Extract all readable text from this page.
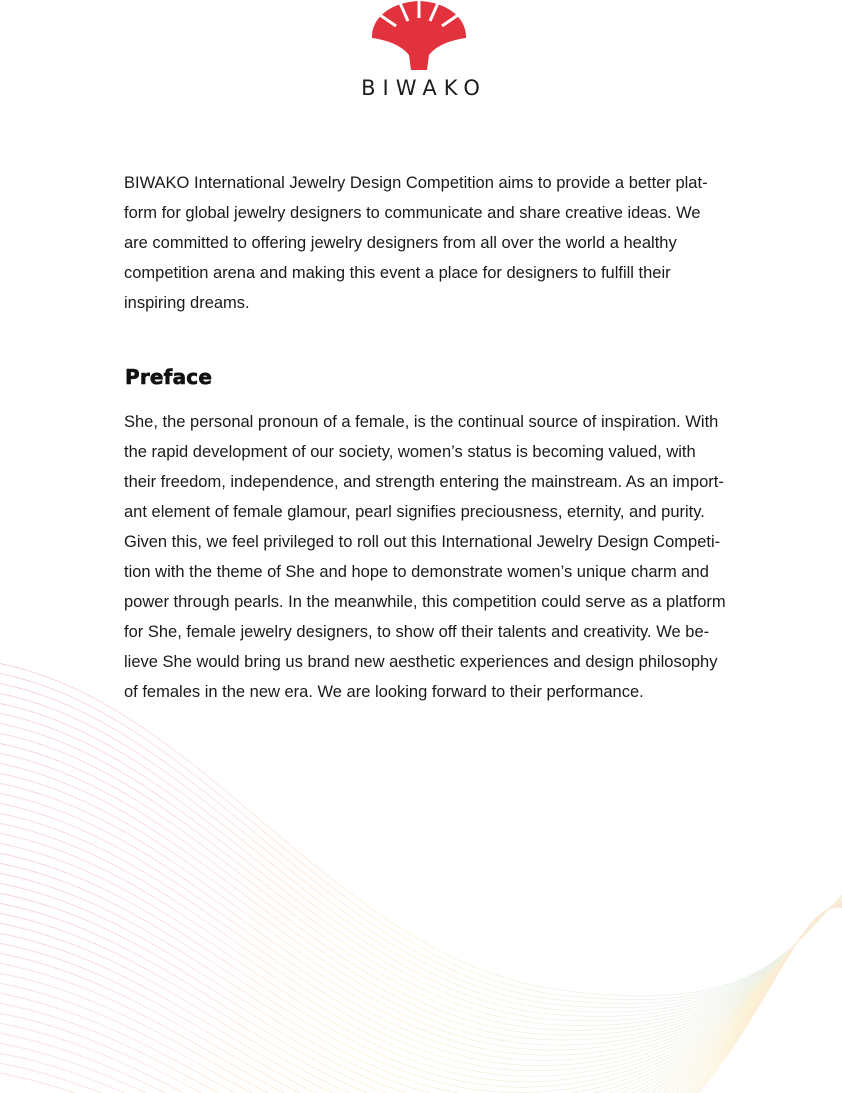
BIWAKO

BIWAKO International Jewelry Design Competition aims to provide a better plat-
form for global jewelry designers to communicate and share creative ideas. We
are committed to offering jewelry designers from all over the world a healthy
competition arena and making this event a place for designers to fulfill their
inspiring dreams.

Preface

She, the personal pronoun of a female, is the continual source of inspiration. With
the rapid development of our society, women’s status is becoming valued, with
their freedom, independence, and strength entering the mainstream. As an import-
ant element of female glamour, pearl signifies preciousness, eternity, and purity.
Given this, we feel privileged to roll out this International Jewelry Design Competi-
tion with the theme of She and hope to demonstrate women’s unique charm and
power through pearls. In the meanwhile, this competition could serve as a platform
for She, female jewelry designers, to show off their talents and creativity. We be-
lieve She would bring us brand new aesthetic experiences and design philosophy
of females in the new era. We are looking forward to their performance.
